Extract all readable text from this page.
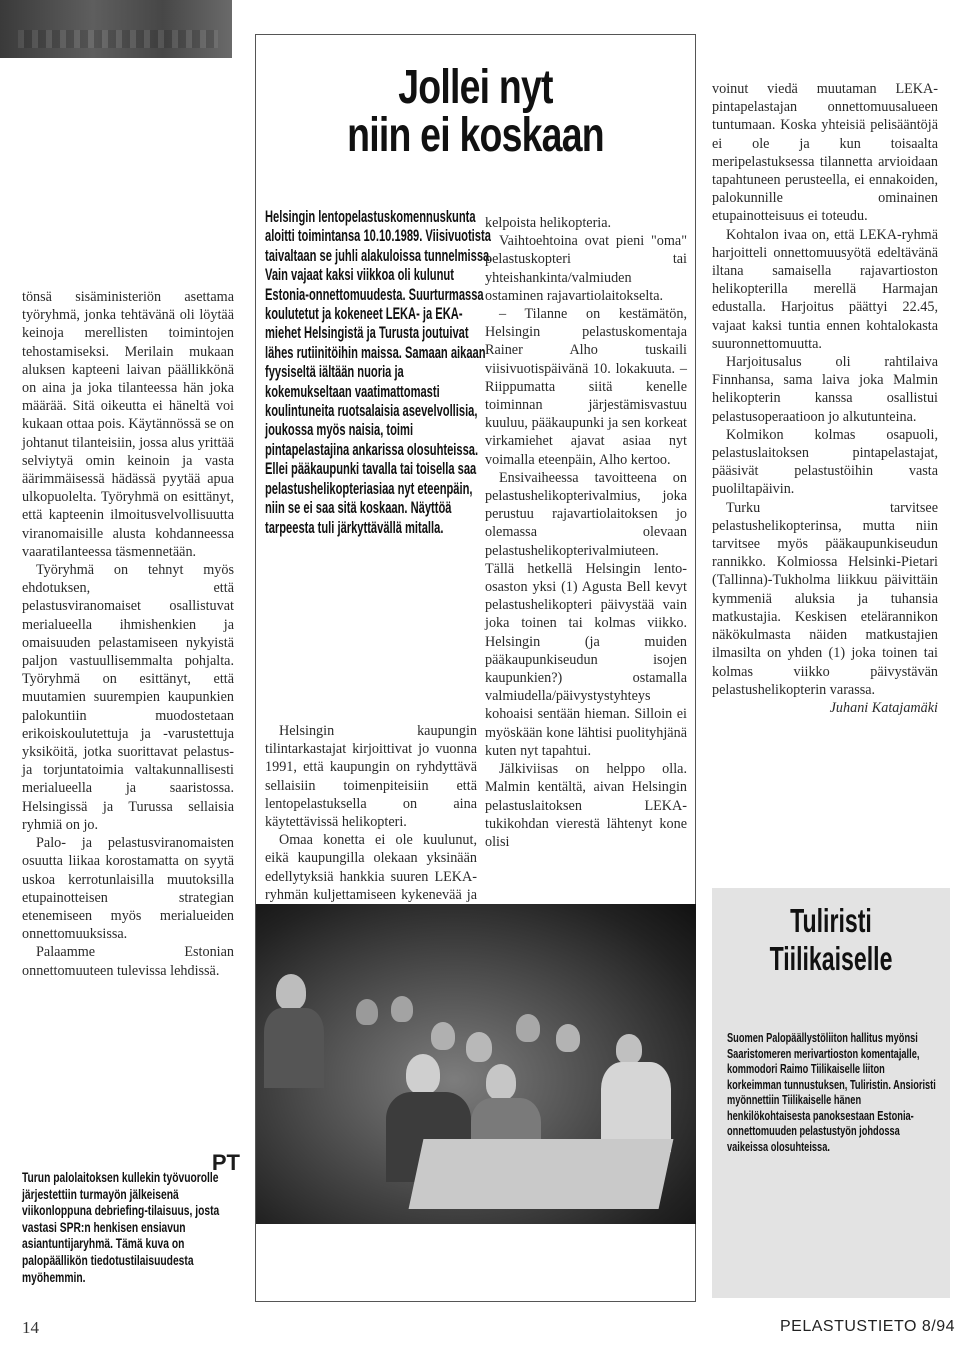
Jollei nyt
niin ei koskaan
Helsingin lentopelastuskomennuskunta aloitti toimintansa 10.10.1989. Viisivuotista taivaltaan se juhli alakuloissa tunnelmissa. Vain vajaat kaksi viikkoa oli kulunut Estonia-onnettomuudesta. Suurturmassa koulutetut ja kokeneet LEKA- ja EKA-miehet Helsingistä ja Turusta joutuivat lähes rutiinitöihin maissa. Samaan aikaan fyysiseltä iältään nuoria ja kokemukseltaan vaatimattomasti koulintuneita ruotsalaisia asevelvollisia, joukossa myös naisia, toimi pintapelastajina ankarissa olosuhteissa. Ellei pääkaupunki tavalla tai toisella saa pelastushelikopteriasiaa nyt eteenpäin, niin se ei saa sitä koskaan. Näyttöä tarpeesta tuli järkyttävällä mitalla.

tönsä sisäministeriön asettama työryhmä, jonka tehtävänä oli löytää keinoja merellisten toimintojen tehostamiseksi. Merilain mukaan aluksen kapteeni laivan päällikkönä on aina ja joka tilanteessa hän joka määrää. Sitä oikeutta ei häneltä voi kukaan ottaa pois. Käytännössä se on johtanut tilanteisiin, jossa alus yrittää selviytyä omin keinoin ja vasta äärimmäisessä hädässä pyytää apua ulkopuolelta. Työryhmä on esittänyt, että kapteenin ilmoitusvelvollisuutta viranomaisille alusta kohdanneessa vaaratilanteessa täsmennetään.

Työryhmä on tehnyt myös ehdotuksen, että pelastusviranomaiset osallistuvat merialueella ihmishenkien ja omaisuuden pelastamiseen nykyistä paljon vastuullisemmalta pohjalta. Työryhmä on esittänyt, että muutamien suurempien kaupunkien palokuntiin muodostetaan erikoiskoulutettuja ja -varustettuja yksiköitä, jotka suorittavat pelastus- ja torjuntatoimia valtakunnallisesti merialueella ja saaristossa. Helsingissä ja Turussa sellaisia ryhmiä on jo.

Palo- ja pelastusviranomaisten osuutta liikaa korostamatta on syytä uskoa kerrotunlaisilla muutoksilla etupainotteisen strategian etenemiseen myös merialueiden onnettomuuksissa.

Palaamme Estonian onnettomuuteen tulevissa lehdissä.

PT
Turun palolaitoksen kullekin työvuorolle järjestettiin turmayön jälkeisenä viikonloppuna debriefing-tilaisuus, josta vastasi SPR:n henkisen ensiavun asiantuntijaryhmä. Tämä kuva on palopäällikön tiedotustilaisuudesta myöhemmin.

Helsingin kaupungin tilintarkastajat kirjoittivat jo vuonna 1991, että kaupungin on ryhdyttävä sellaisiin toimenpiteisiin että lentopelastuksella on aina käytettävissä helikopteri.

Omaa konetta ei ole kuulunut, eikä kaupungilla olekaan yksinään edellytyksiä hankkia suuren LEKA-ryhmän kuljettamiseen kykenevää ja

kelpoista helikopteria.

Vaihtoehtoina ovat pieni "oma" pelastuskopteri tai yhteishankinta/valmiuden ostaminen rajavartiolaitokselta.

– Tilanne on kestämätön, Helsingin pelastuskomentaja Rainer Alho tuskaili viisivuotispäivänä 10. lokakuuta. – Riippumatta siitä kenelle toiminnan järjestämisvastuu kuuluu, pääkaupunki ja sen korkeat virkamiehet ajavat asiaa nyt voimalla eteenpäin, Alho kertoo.

Ensivaiheessa tavoitteena on pelastushelikopterivalmius, joka perustuu rajavartiolaitoksen jo olemassa olevaan pelastushelikopterivalmiuteen. Tällä hetkellä Helsingin lento-osaston yksi (1) Agusta Bell kevyt pelastushelikopteri päivystää vain joka toinen tai kolmas viikko. Helsingin (ja muiden pääkaupunkiseudun isojen kaupunkien?) ostamalla valmiudella/päivystystyhteys kohoaisi sentään hieman. Silloin ei myöskään kone lähtisi puolityhjänä kuten nyt tapahtui.

Jälkiviisas on helppo olla. Malmin kentältä, aivan Helsingin pelastuslaitoksen LEKA-tukikohdan vierestä lähtenyt kone olisi

voinut viedä muutaman LEKA-pintapelastajan onnettomuusalueen tuntumaan. Koska yhteisiä pelisääntöjä ei ole ja kun toisaalta meripelastuksessa tilannetta arvioidaan tapahtuneen perusteella, ei ennakoiden, palokunnille ominainen etupainotteisuus ei toteudu.

Kohtalon ivaa on, että LEKA-ryhmä harjoitteli onnettomuusyötä edeltävänä iltana samaisella rajavartioston helikopterilla merellä Harmajan edustalla. Harjoitus päättyi 22.45, vajaat kaksi tuntia ennen kohtalokasta suuronnettomuutta.

Harjoitusalus oli rahtilaiva Finnhansa, sama laiva joka Malmin helikopterin kanssa osallistui pelastusoperaatioon jo alkutunteina.

Kolmikon kolmas osapuoli, pelastuslaitoksen pintapelastajat, pääsivät pelastustöihin vasta puoliltapäivin.

Turku tarvitsee pelastushelikopterinsa, mutta niin tarvitsee myös pääkaupunkiseudun rannikko. Kolmiossa Helsinki-Pietari (Tallinna)-Tukholma liikkuu päivittäin kymmeniä aluksia ja tuhansia matkustajia. Keskisen etelärannikon näkökulmasta näiden matkustajien ilmasilta on yhden (1) joka toinen tai kolmas viikko päivystävän pelastushelikopterin varassa.

Juhani Katajamäki

Tuliristi
Tiilikaiselle
Suomen Palopäällystöliiton hallitus myönsi Saaristomeren merivartioston komentajalle, kommodori Raimo Tiilikaiselle liiton korkeimman tunnustuksen, Tuliristin. Ansioristi myönnettiin Tiilikaiselle hänen henkilökohtaisesta panoksestaan Estonia-onnettomuuden pelastustyön johdossa vaikeissa olosuhteissa.
14	PELASTUSTIETO 8/94
